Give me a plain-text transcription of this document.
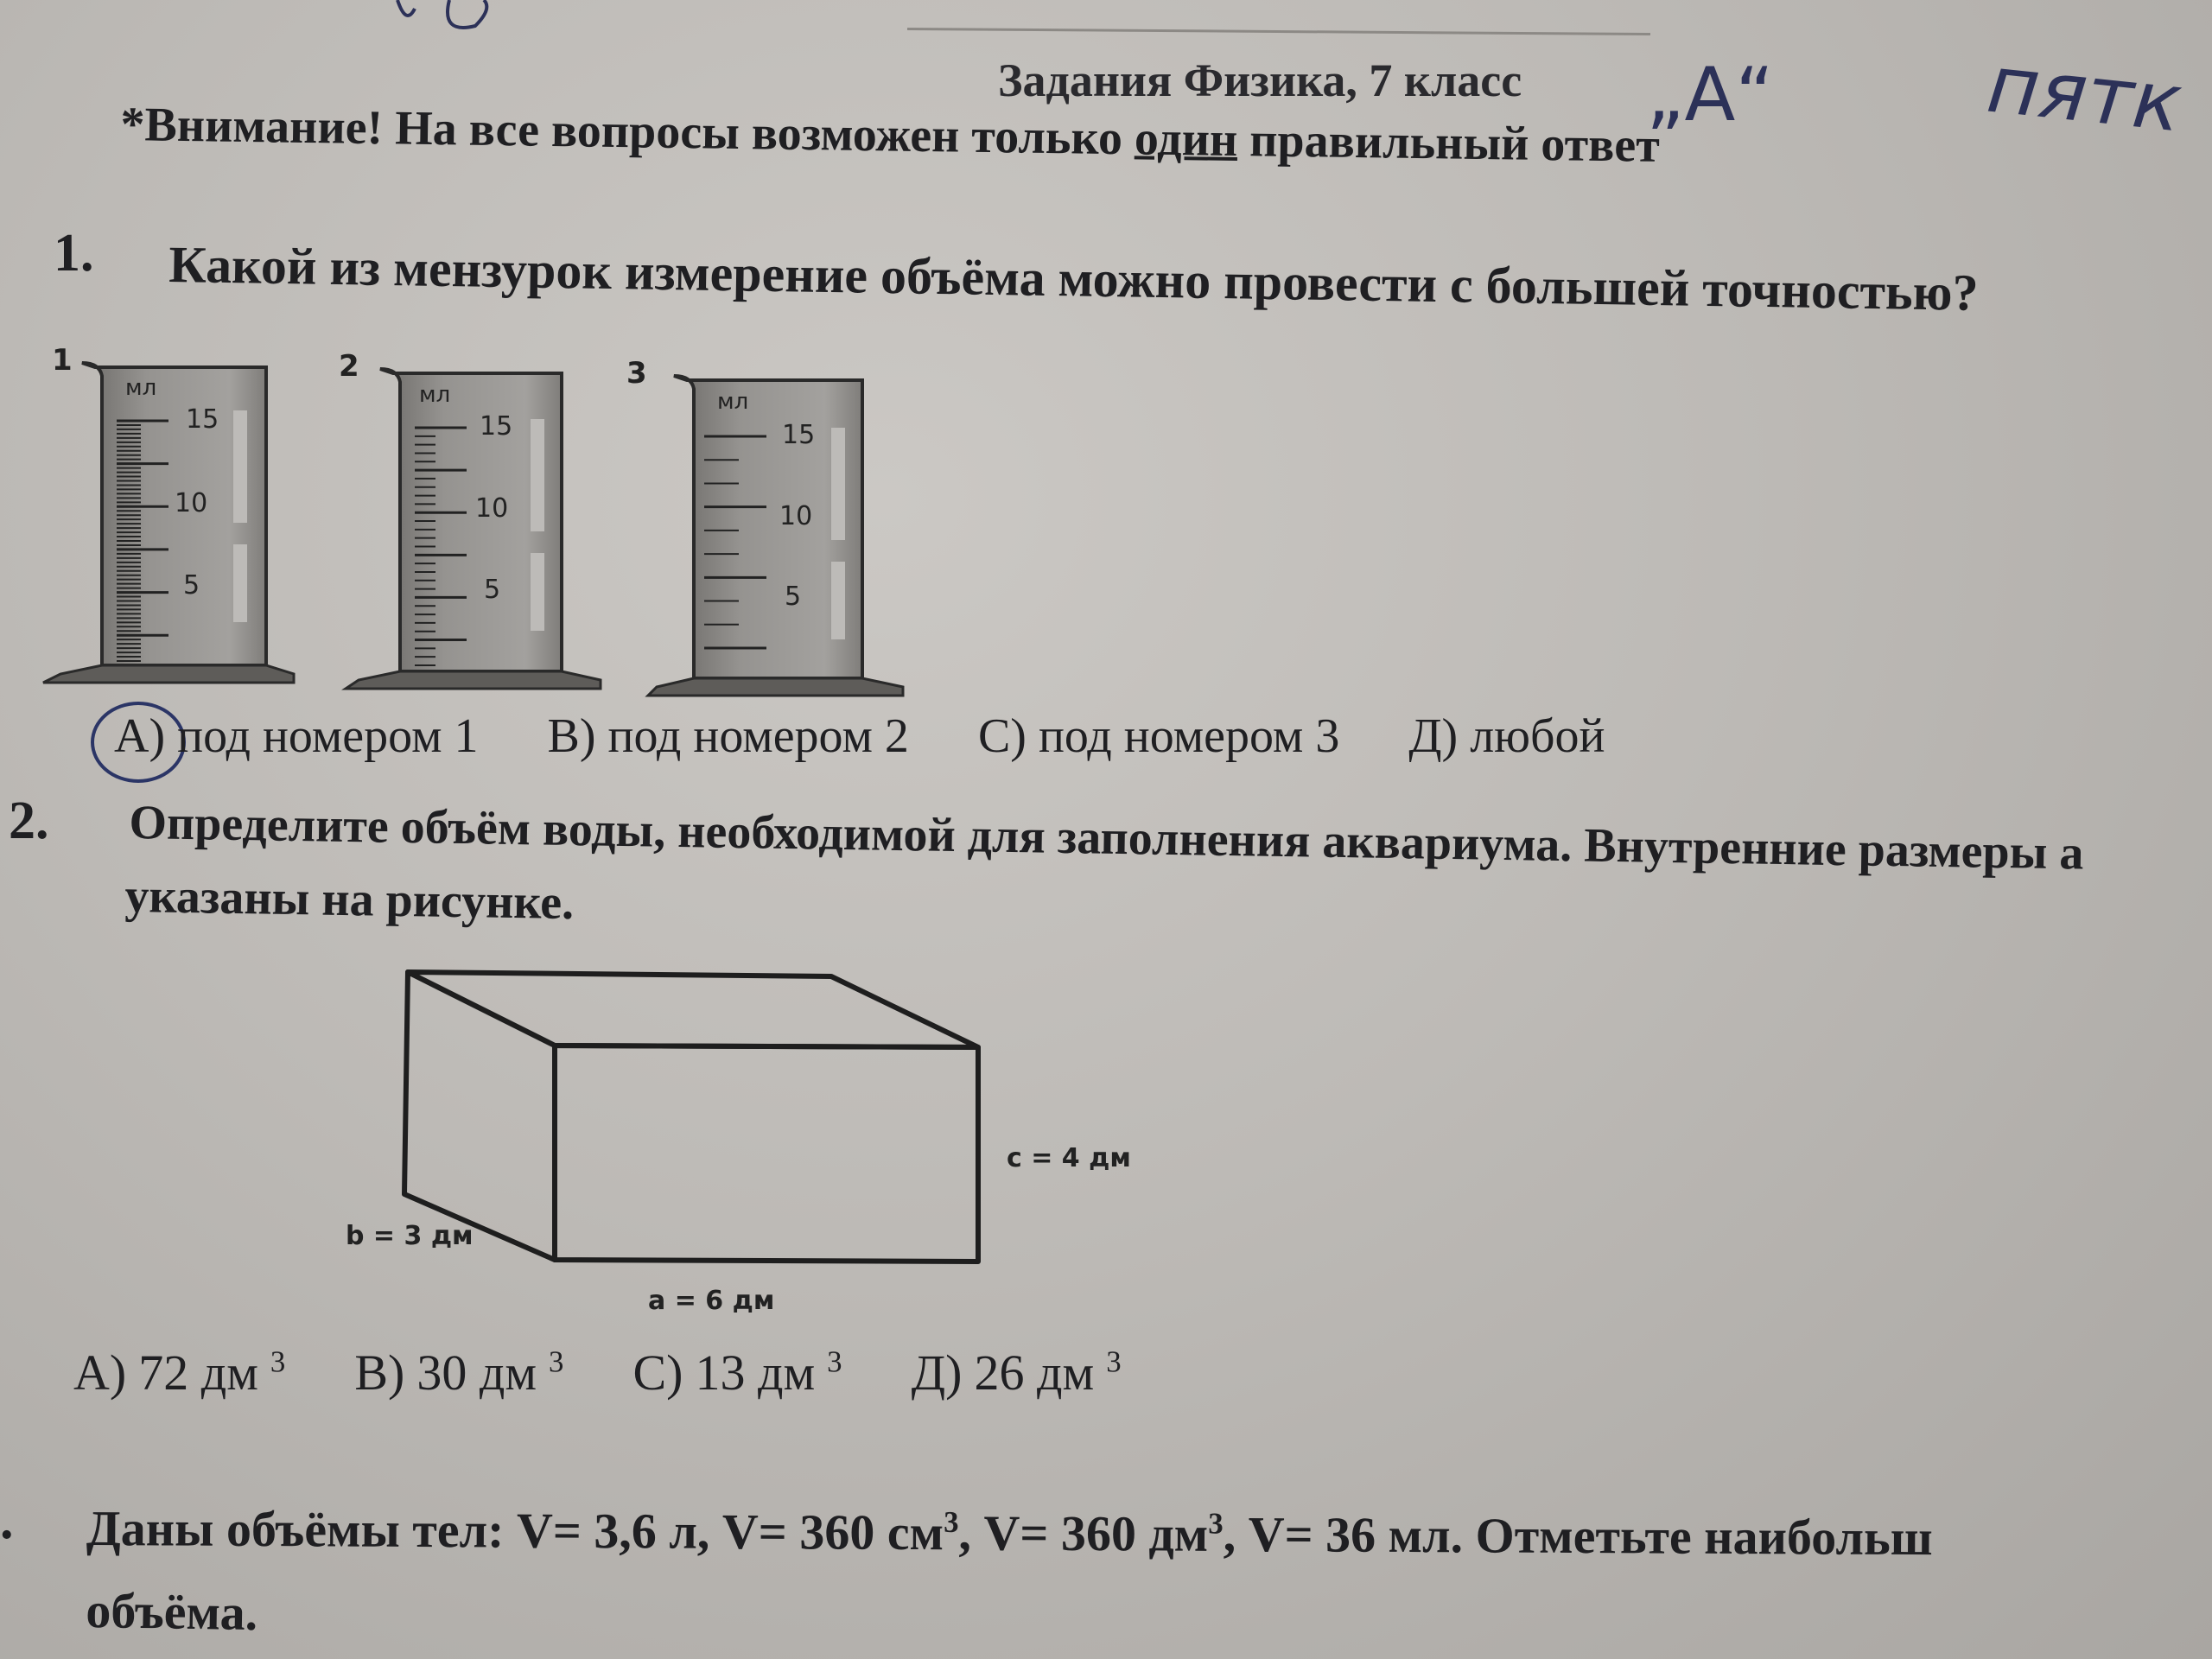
Задания Физика, 7 класс „А“	пятк
*Внимание! На все вопросы возможен только один правильный ответ
1. Какой из мензурок измерение объёма можно провести с большей точностью?
1
мл
15
10
5
2
мл
15
10
5
3
мл
15
10
5
A) под номером 1 B) под номером 2 C) под номером 3 Д) любой
2. Определите объём воды, необходимой для заполнения аквариума. Внутренние размеры а
указаны на рисунке.
c = 4 дм
b = 3 дм
a = 6 дм
A) 72 дм $^3$ B) 30 дм $^3$ C) 13 дм $^3$ Д) 26 дм $^3$
. Даны объёмы тел: V= 3,6 л, V= 360 $см^3$, V= 360 $дм^3$, V= 36 мл. Отметьте наибольш
объёма.
